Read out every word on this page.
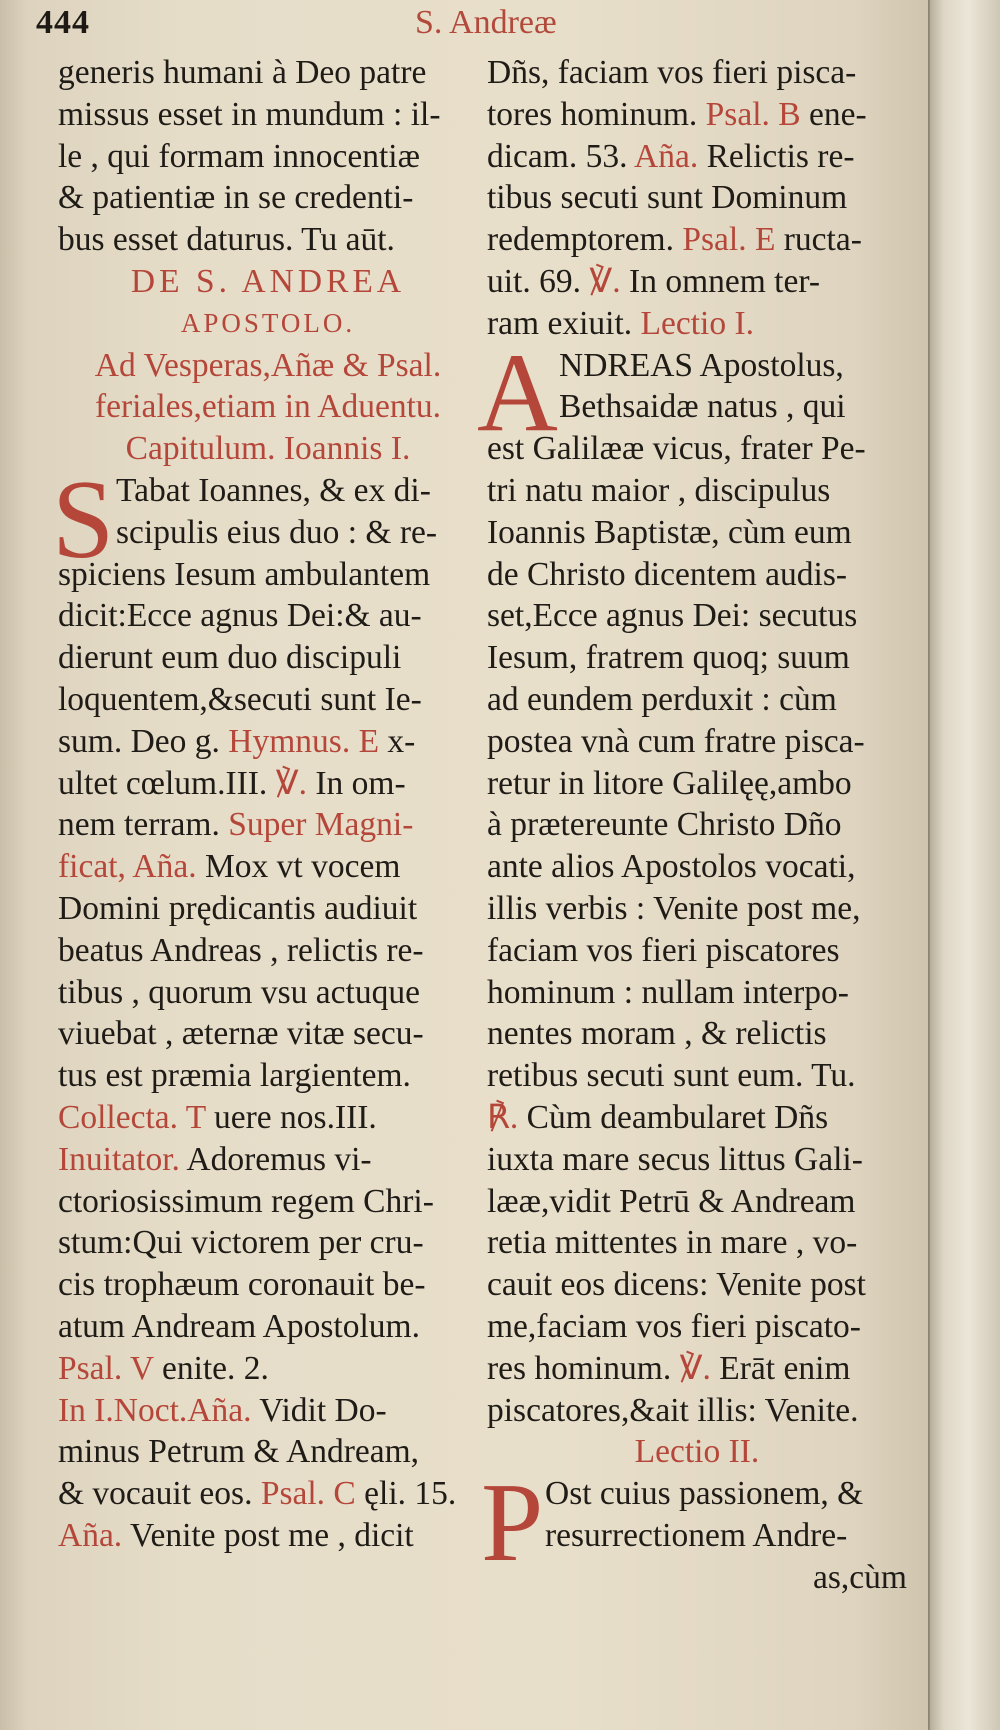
444	S. Andreæ
generis humani à Deo patre
missus esset in mundum : il-
le , qui formam innocentiæ
& patientiæ in se credenti-
bus esset daturus. Tu aūt.
DE S. ANDREA
APOSTOLO.
Ad Vesperas,Añæ & Psal.
feriales,etiam in Aduentu.
Capitulum. Ioannis I.
S Tabat Ioannes, & ex di-
scipulis eius duo : & re-
spiciens Iesum ambulantem
dicit:Ecce agnus Dei:& au-
dierunt eum duo discipuli
loquentem,&secuti sunt Ie-
sum. Deo g. Hymnus. E x-
ultet cœlum.III. ℣. In om-
nem terram. Super Magni-
ficat, Aña. Mox vt vocem
Domini prędicantis audiuit
beatus Andreas , relictis re-
tibus , quorum vsu actuque
viuebat , æternæ vitæ secu-
tus est præmia largientem.
Collecta. T uere nos.III.
Inuitator. Adoremus vi-
ctoriosissimum regem Chri-
stum:Qui victorem per cru-
cis trophæum coronauit be-
atum Andream Apostolum.
Psal. V enite. 2.
In I.Noct.Aña. Vidit Do-
minus Petrum & Andream,
& vocauit eos. Psal. C ęli. 15.
Aña. Venite post me , dicit
Dñs, faciam vos fieri pisca-
tores hominum. Psal. B ene-
dicam. 53. Aña. Relictis re-
tibus secuti sunt Dominum
redemptorem. Psal. E ructa-
uit. 69. ℣. In omnem ter-
ram exiuit. Lectio I.
A NDREAS Apostolus,
Bethsaidæ natus , qui
est Galilææ vicus, frater Pe-
tri natu maior , discipulus
Ioannis Baptistæ, cùm eum
de Christo dicentem audis-
set,Ecce agnus Dei: secutus
Iesum, fratrem quoq; suum
ad eundem perduxit : cùm
postea vnà cum fratre pisca-
retur in litore Galilęę,ambo
à prætereunte Christo Dño
ante alios Apostolos vocati,
illis verbis : Venite post me,
faciam vos fieri piscatores
hominum : nullam interpo-
nentes moram , & relictis
retibus secuti sunt eum. Tu.
℟. Cùm deambularet Dñs
iuxta mare secus littus Gali-
lææ,vidit Petrū & Andream
retia mittentes in mare , vo-
cauit eos dicens: Venite post
me,faciam vos fieri piscato-
res hominum. ℣. Erāt enim
piscatores,&ait illis: Venite.
Lectio II.
P Ost cuius passionem, &
resurrectionem Andre-
as,cùm
